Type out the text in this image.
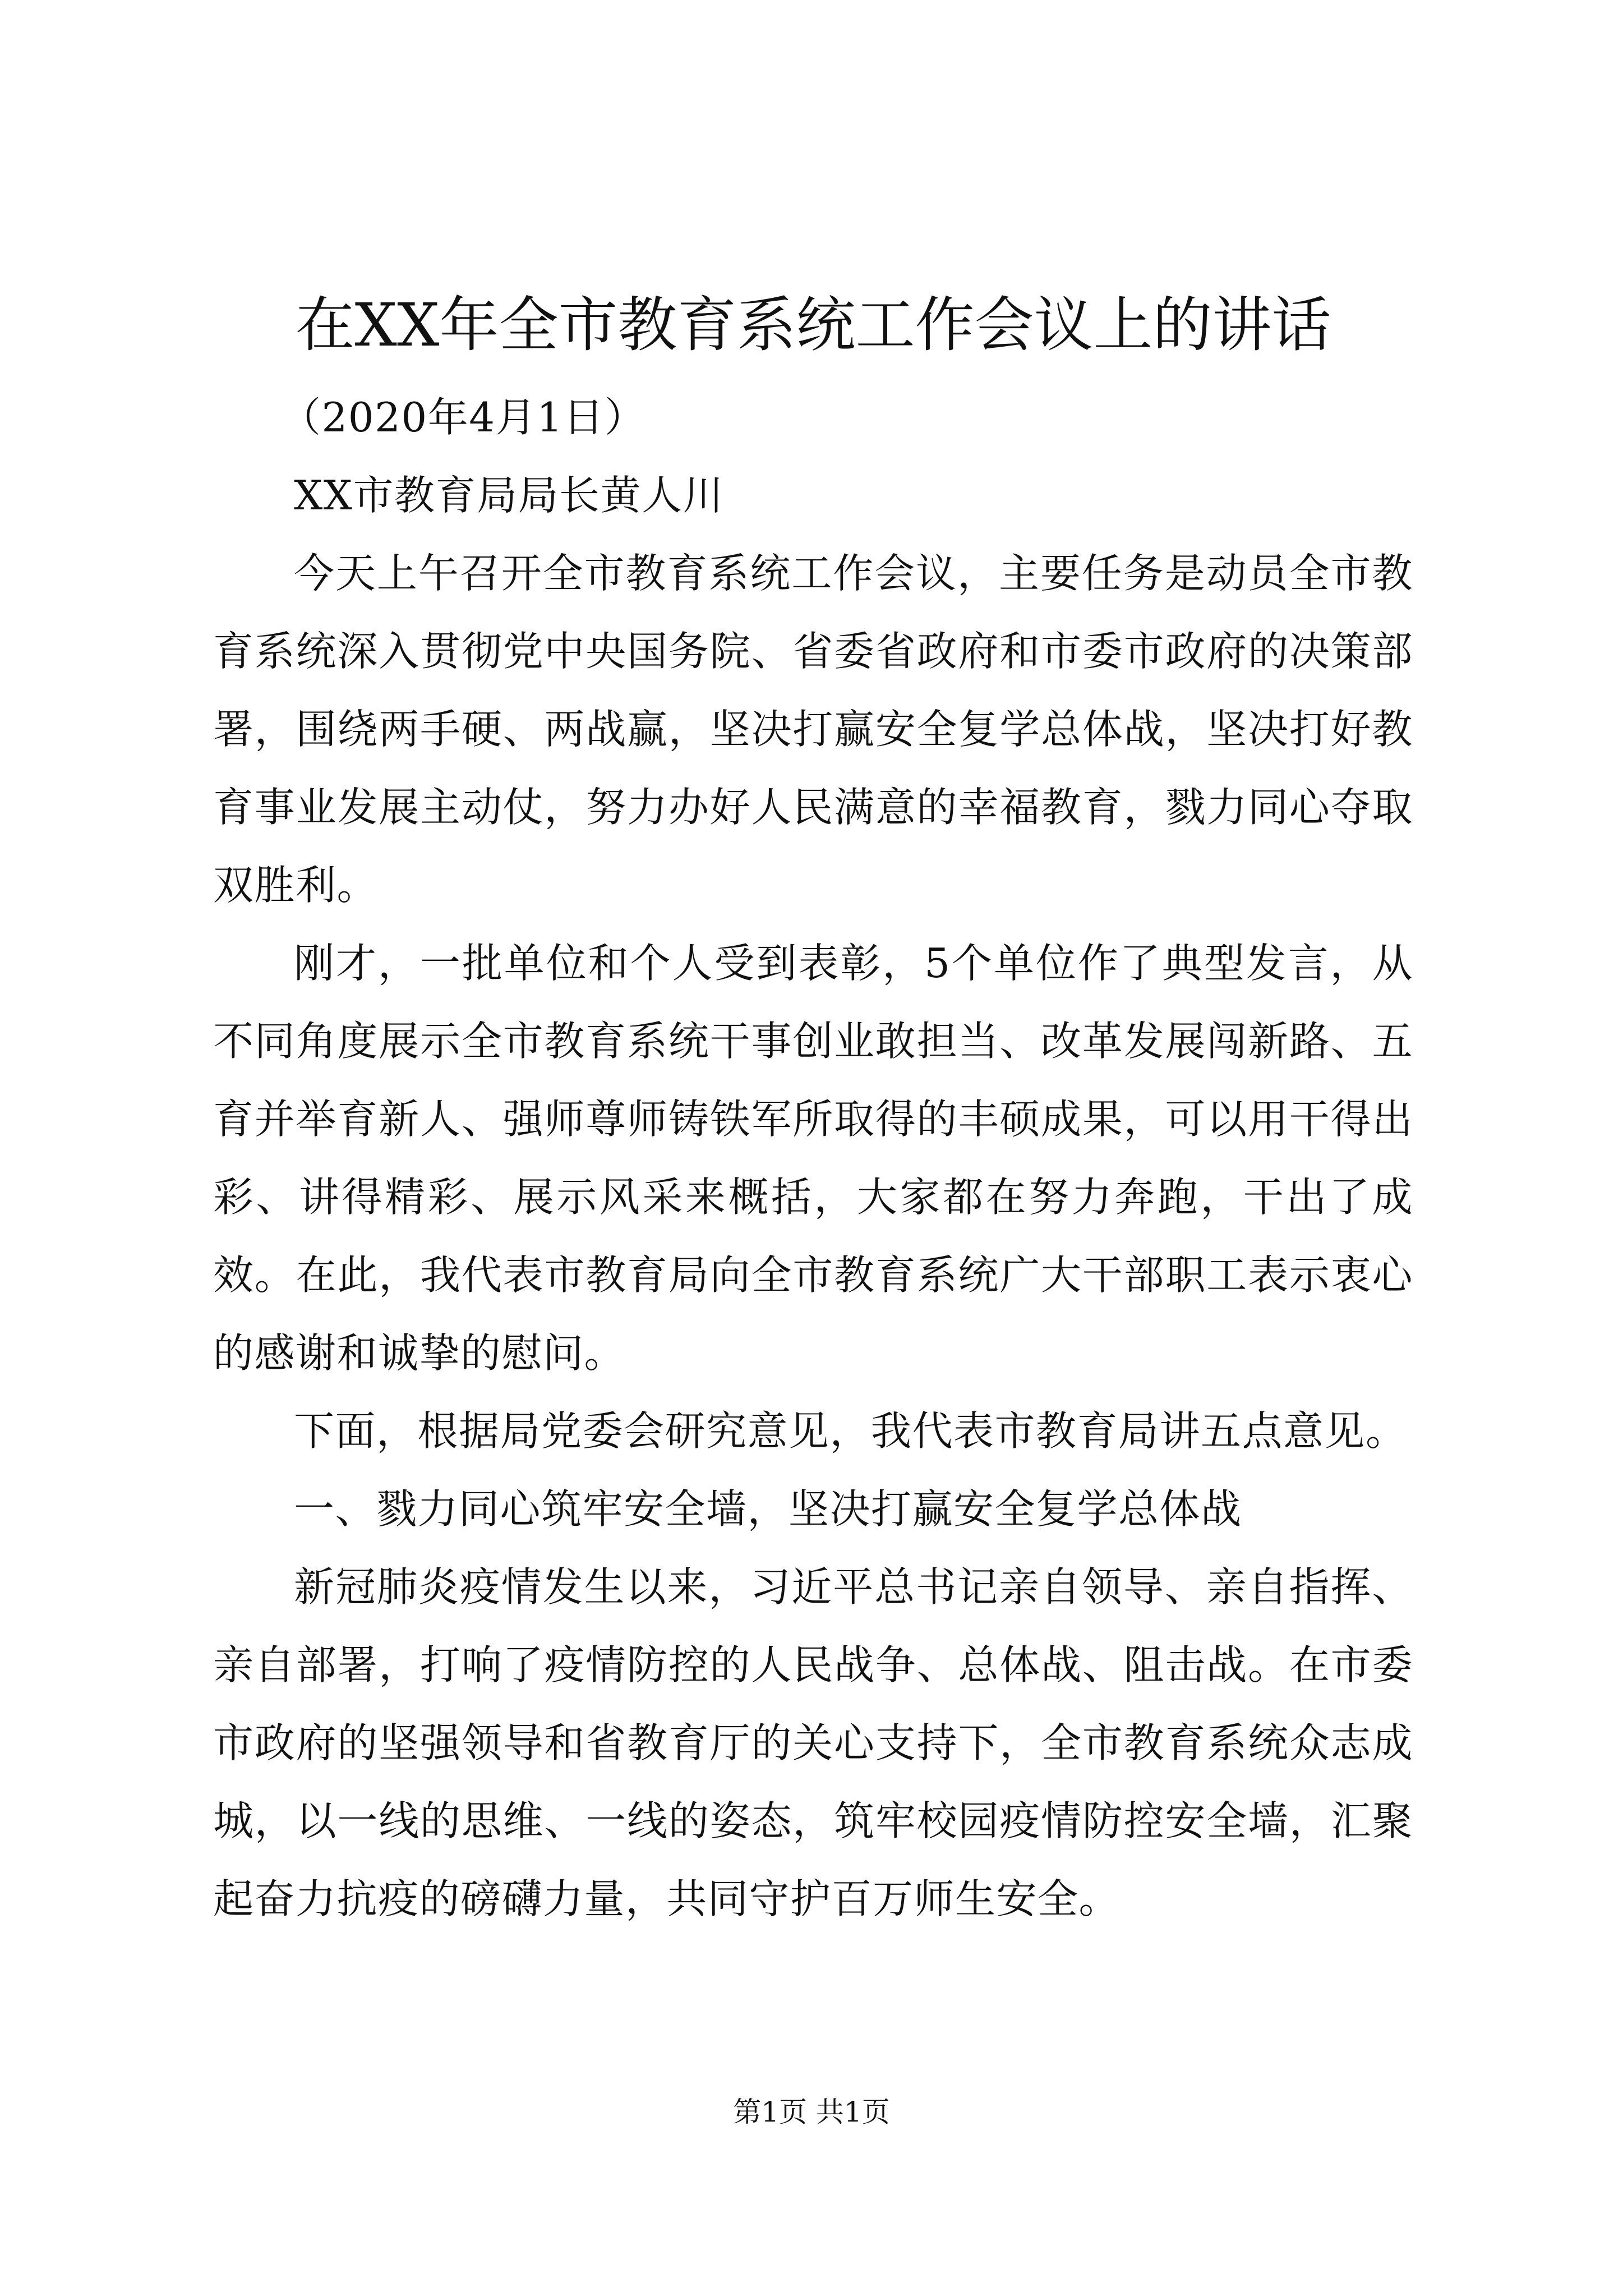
在XX年全市教育系统工作会议上的讲话

（2020年4月1日）

XX市教育局局长黄人川

今天上午召开全市教育系统工作会议，主要任务是动员全市教育系统深入贯彻党中央国务院、省委省政府和市委市政府的决策部署，围绕两手硬、两战赢，坚决打赢安全复学总体战，坚决打好教育事业发展主动仗，努力办好人民满意的幸福教育，戮力同心夺取双胜利。

刚才，一批单位和个人受到表彰，5个单位作了典型发言，从不同角度展示全市教育系统干事创业敢担当、改革发展闯新路、五育并举育新人、强师尊师铸铁军所取得的丰硕成果，可以用干得出彩、讲得精彩、展示风采来概括，大家都在努力奔跑，干出了成效。在此，我代表市教育局向全市教育系统广大干部职工表示衷心的感谢和诚挚的慰问。

下面，根据局党委会研究意见，我代表市教育局讲五点意见。

一、戮力同心筑牢安全墙，坚决打赢安全复学总体战

新冠肺炎疫情发生以来，习近平总书记亲自领导、亲自指挥、亲自部署，打响了疫情防控的人民战争、总体战、阻击战。在市委市政府的坚强领导和省教育厅的关心支持下，全市教育系统众志成城，以一线的思维、一线的姿态，筑牢校园疫情防控安全墙，汇聚起奋力抗疫的磅礴力量，共同守护百万师生安全。

第1页 共1页
